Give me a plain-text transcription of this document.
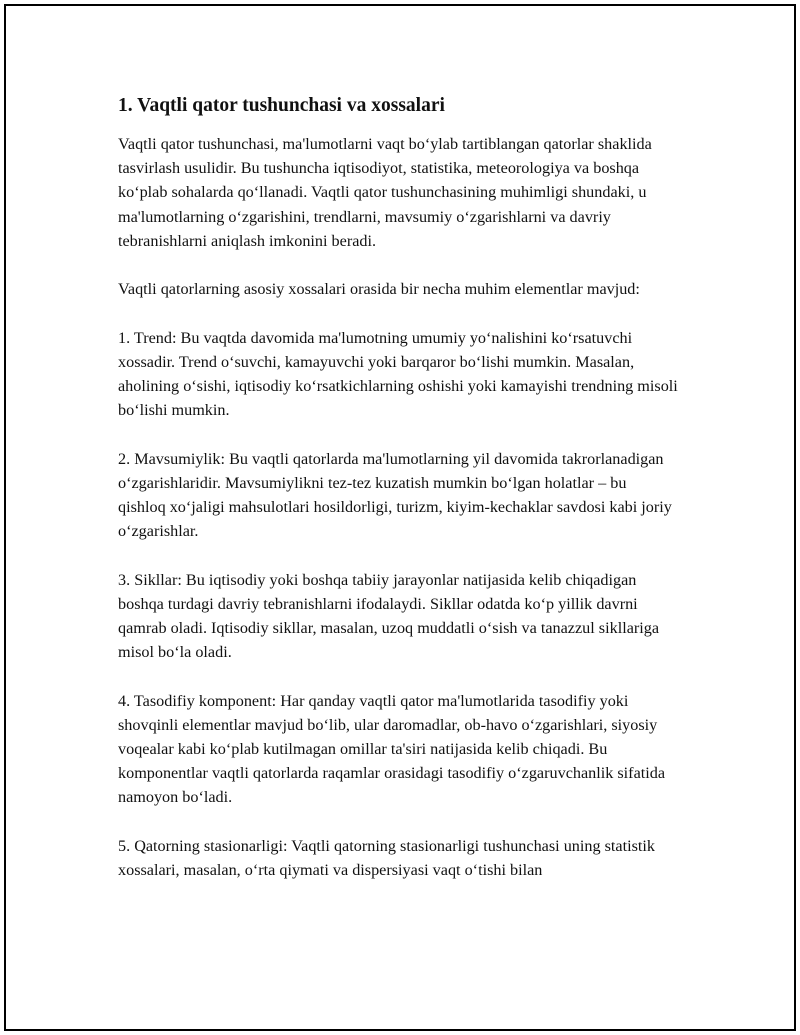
1. Vaqtli qator tushunchasi va xossalari

Vaqtli qator tushunchasi, ma'lumotlarni vaqt boʻylab tartiblangan qatorlar shaklida tasvirlash usulidir. Bu tushuncha iqtisodiyot, statistika, meteorologiya va boshqa koʻplab sohalarda qoʻllanadi. Vaqtli qator tushunchasining muhimligi shundaki, u ma'lumotlarning oʻzgarishini, trendlarni, mavsumiy oʻzgarishlarni va davriy tebranishlarni aniqlash imkonini beradi.

Vaqtli qatorlarning asosiy xossalari orasida bir necha muhim elementlar mavjud:

1. Trend: Bu vaqtda davomida ma'lumotning umumiy yoʻnalishini koʻrsatuvchi xossadir. Trend oʻsuvchi, kamayuvchi yoki barqaror boʻlishi mumkin. Masalan, aholining oʻsishi, iqtisodiy koʻrsatkichlarning oshishi yoki kamayishi trendning misoli boʻlishi mumkin.

2. Mavsumiylik: Bu vaqtli qatorlarda ma'lumotlarning yil davomida takrorlanadigan oʻzgarishlaridir. Mavsumiylikni tez-tez kuzatish mumkin boʻlgan holatlar – bu qishloq xoʻjaligi mahsulotlari hosildorligi, turizm, kiyim-kechaklar savdosi kabi joriy oʻzgarishlar.

3. Sikllar: Bu iqtisodiy yoki boshqa tabiiy jarayonlar natijasida kelib chiqadigan boshqa turdagi davriy tebranishlarni ifodalaydi. Sikllar odatda koʻp yillik davrni qamrab oladi. Iqtisodiy sikllar, masalan, uzoq muddatli oʻsish va tanazzul sikllariga misol boʻla oladi.

4. Tasodifiy komponent: Har qanday vaqtli qator ma'lumotlarida tasodifiy yoki shovqinli elementlar mavjud boʻlib, ular daromadlar, ob-havo oʻzgarishlari, siyosiy voqealar kabi koʻplab kutilmagan omillar ta'siri natijasida kelib chiqadi. Bu komponentlar vaqtli qatorlarda raqamlar orasidagi tasodifiy oʻzgaruvchanlik sifatida namoyon boʻladi.

5. Qatorning stasionarligi: Vaqtli qatorning stasionarligi tushunchasi uning statistik xossalari, masalan, oʻrta qiymati va dispersiyasi vaqt oʻtishi bilan
